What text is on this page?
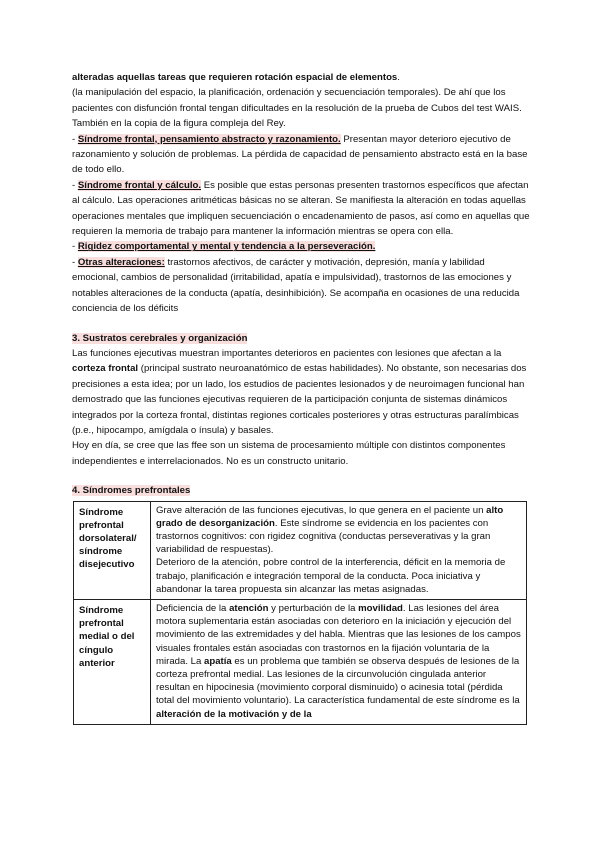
alteradas aquellas tareas que requieren rotación espacial de elementos.
(la manipulación del espacio, la planificación, ordenación y secuenciación temporales). De ahí que los pacientes con disfunción frontal tengan dificultades en la resolución de la prueba de Cubos del test WAIS. También en la copia de la figura compleja del Rey.

- Síndrome frontal, pensamiento abstracto y razonamiento. Presentan mayor deterioro ejecutivo de razonamiento y solución de problemas. La pérdida de capacidad de pensamiento abstracto está en la base de todo ello.

- Síndrome frontal y cálculo. Es posible que estas personas presenten trastornos específicos que afectan al cálculo. Las operaciones aritméticas básicas no se alteran. Se manifiesta la alteración en todas aquellas operaciones mentales que impliquen secuenciación o encadenamiento de pasos, así como en aquellas que requieren la memoria de trabajo para mantener la información mientras se opera con ella.

- Rigidez comportamental y mental y tendencia a la perseveración.

- Otras alteraciones: trastornos afectivos, de carácter y motivación, depresión, manía y labilidad emocional, cambios de personalidad (irritabilidad, apatía e impulsividad), trastornos de las emociones y notables alteraciones de la conducta (apatía, desinhibición). Se acompaña en ocasiones de una reducida conciencia de los déficits

3. Sustratos cerebrales y organización

Las funciones ejecutivas muestran importantes deterioros en pacientes con lesiones que afectan a la corteza frontal (principal sustrato neuroanatómico de estas habilidades). No obstante, son necesarias dos precisiones a esta idea; por un lado, los estudios de pacientes lesionados y de neuroimagen funcional han demostrado que las funciones ejecutivas requieren de la participación conjunta de sistemas dinámicos integrados por la corteza frontal, distintas regiones corticales posteriores y otras estructuras paralímbicas (p.e., hipocampo, amígdala o ínsula) y basales.

Hoy en día, se cree que las ffee son un sistema de procesamiento múltiple con distintos componentes independientes e interrelacionados. No es un constructo unitario.

4. Síndromes prefrontales

Síndrome prefrontal dorsolateral/ síndrome disejecutivo	Grave alteración de las funciones ejecutivas, lo que genera en el paciente un alto grado de desorganización. Este síndrome se evidencia en los pacientes con trastornos cognitivos: con rigidez cognitiva (conductas perseverativas y la gran variabilidad de respuestas).
Deterioro de la atención, pobre control de la interferencia, déficit en la memoria de trabajo, planificación e integración temporal de la conducta. Poca iniciativa y abandonar la tarea propuesta sin alcanzar las metas asignadas.
Síndrome prefrontal medial o del cíngulo anterior	Deficiencia de la atención y perturbación de la movilidad. Las lesiones del área motora suplementaria están asociadas con deterioro en la iniciación y ejecución del movimiento de las extremidades y del habla. Mientras que las lesiones de los campos visuales frontales están asociadas con trastornos en la fijación voluntaria de la mirada. La apatía es un problema que también se observa después de lesiones de la corteza prefrontal medial. Las lesiones de la circunvolución cingulada anterior resultan en hipocinesia (movimiento corporal disminuido) o acinesia total (pérdida total del movimiento voluntario). La característica fundamental de este síndrome es la alteración de la motivación y de la
